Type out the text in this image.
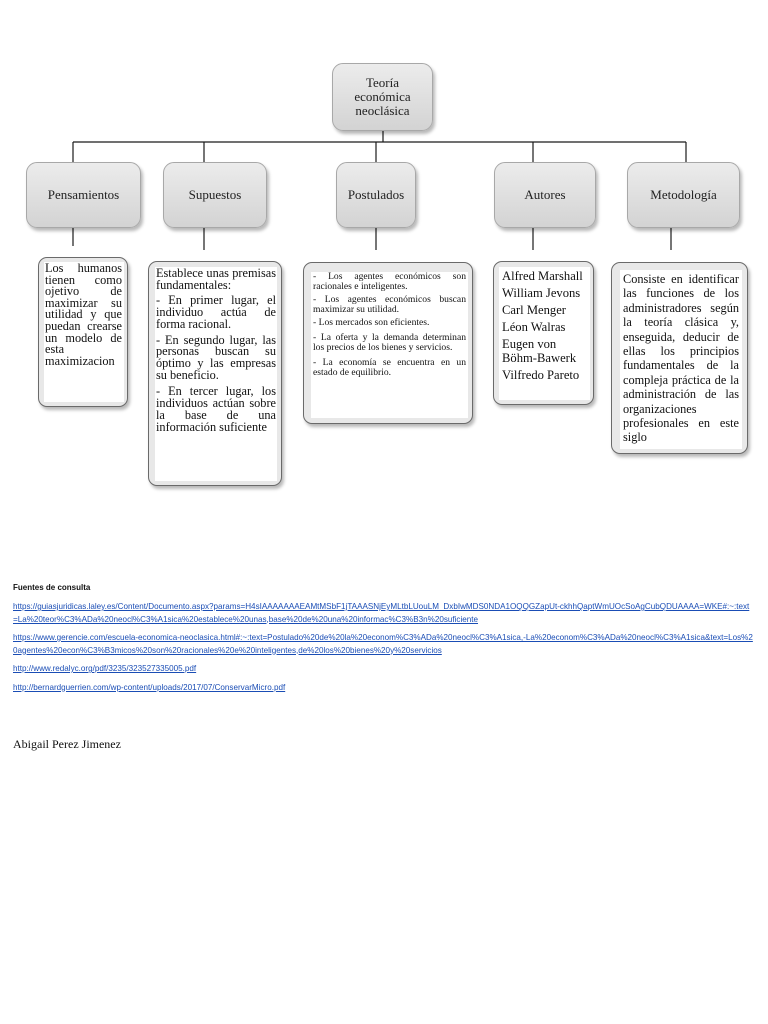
Teoría económica neoclásica
Pensamientos	Supuestos	Postulados	Autores	Metodología
Los humanos tienen como ojetivo de maximizar su utilidad y que puedan crearse un modelo de esta maximizacion

Establece unas premisas fundamentales:

- En primer lugar, el individuo actúa de forma racional.

- En segundo lugar, las personas buscan su óptimo y las empresas su beneficio.

- En tercer lugar, los individuos actúan sobre la base de una información suficiente

- Los agentes económicos son racionales e inteligentes.

- Los agentes económicos buscan maximizar su utilidad.

- Los mercados son eficientes.

- La oferta y la demanda determinan los precios de los bienes y servicios.

- La economía se encuentra en un estado de equilibrio.

Alfred Marshall

William Jevons

Carl Menger

Léon Walras

Eugen von Böhm-Bawerk

Vilfredo Pareto

Consiste en identificar las funciones de los administradores según la teoría clásica y, enseguida, deducir de ellas los principios fundamentales de la compleja práctica de la administración de las organizaciones profesionales en este siglo
Fuentes de consulta
https://guiasjuridicas.laley.es/Content/Documento.aspx?params=H4sIAAAAAAAEAMtMSbF1jTAAASNjEyMLtbLUouLM_DxbIwMDS0NDA1OQQGZapUt-ckhhQaptWmUOcSoAgCubQDUAAAA=WKE#:~:text=La%20teor%C3%ADa%20neocl%C3%A1sica%20establece%20unas,base%20de%20una%20informac%C3%B3n%20suficiente
https://www.gerencie.com/escuela-economica-neoclasica.html#:~:text=Postulado%20de%20la%20econom%C3%ADa%20neocl%C3%A1sica,-La%20econom%C3%ADa%20neocl%C3%A1sica&text=Los%20agentes%20econ%C3%B3micos%20son%20racionales%20e%20inteligentes,de%20los%20bienes%20y%20servicios
http://www.redalyc.org/pdf/3235/323527335005.pdf
http://bernardguerrien.com/wp-content/uploads/2017/07/ConservarMicro.pdf
Abigail Perez Jimenez
